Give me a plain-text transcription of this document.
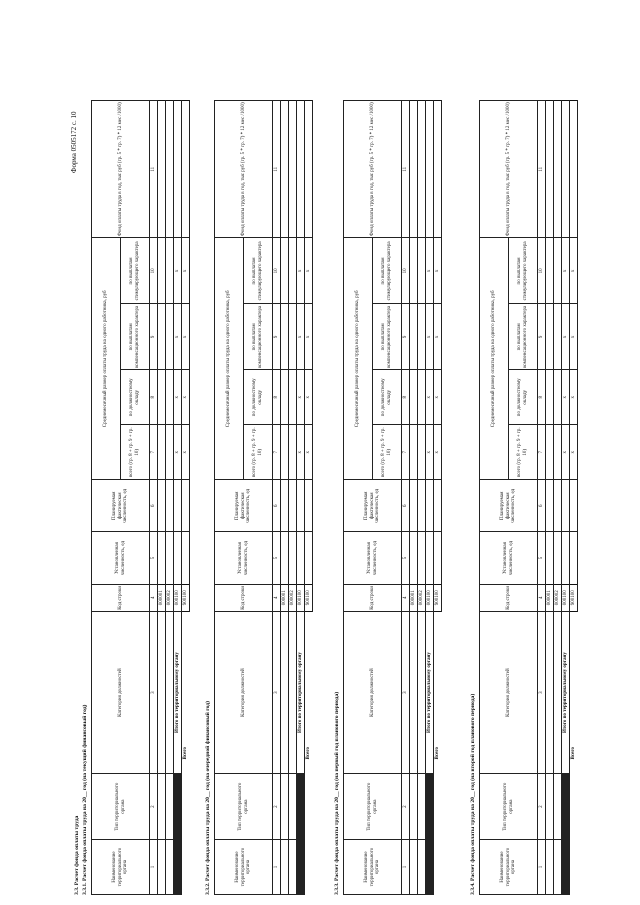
Форма 0505172 с. 10
3.3. Расчет фонда оплаты труда 3.3.1. Расчет фонда оплаты труда на 20__ год (на текущий финансовый год)	Наименование территориального органа	Тип территориального органа	Категория должностей	Код строки	Установленная численность, ед	Планируемая фактическая численность, ед	Среднемесячный размер оплаты труда на одного работника, руб				Фонд оплаты труда в год, тыс руб (гр. 5 * гр. 7) * 12 мес /1000)
						всего (гр. 8 + гр. 9 + гр. 10)	по должностному окладу	по выплатам компенсационного характера	по выплатам стимулирующего характера	
1	2	3	4	5	6	7	8	9	10	11
			000001							
			000002							
		Итого по территориальному органу	000100			x	x	x	x	
Всего			900100			x	x	x	x	
3.3.2. Расчет фонда оплаты труда на 20__ год (на очередной финансовый год)	Наименование территориального органа	Тип территориального органа	Категория должностей	Код строки	Установленная численность, ед	Планируемая фактическая численность, ед	Среднемесячный размер оплаты труда на одного работника, руб				Фонд оплаты труда в год, тыс руб (гр. 5 * гр. 7) * 12 мес /1000)
						всего (гр. 8 + гр. 9 + гр. 10)	по должностному окладу	по выплатам компенсационного характера	по выплатам стимулирующего характера	
1	2	3	4	5	6	7	8	9	10	11
			000001							
			000002							
		Итого по территориальному органу	000100			x	x	x	x	
Всего			900100			x	x	x	x	
3.3.3. Расчет фонда оплаты труда на 20__ год (на первый год планового периода)	Наименование территориального органа	Тип территориального органа	Категория должностей	Код строки	Установленная численность, ед	Планируемая фактическая численность, ед	Среднемесячный размер оплаты труда на одного работника, руб				Фонд оплаты труда в год, тыс руб (гр. 5 * гр. 7) * 12 мес /1000)
						всего (гр. 8 + гр. 9 + гр. 10)	по должностному окладу	по выплатам компенсационного характера	по выплатам стимулирующего характера	
1	2	3	4	5	6	7	8	9	10	11
			000001							
			000002							
		Итого по территориальному органу	000100			x	x	x	x	
Всего			900100			x	x	x	x	
3.3.4. Расчет фонда оплаты труда на 20__ год (на второй год планового периода)	Наименование территориального органа	Тип территориального органа	Категория должностей	Код строки	Установленная численность, ед	Планируемая фактическая численность, ед	Среднемесячный размер оплаты труда на одного работника, руб				Фонд оплаты труда в год, тыс руб (гр. 5 * гр. 7) * 12 мес /1000)
						всего (гр. 8 + гр. 9 + гр. 10)	по должностному окладу	по выплатам компенсационного характера	по выплатам стимулирующего характера	
1	2	3	4	5	6	7	8	9	10	11
			000001							
			000002							
		Итого по территориальному органу	000100			x	x	x	x	
Всего			900100			x	x	x	x	
